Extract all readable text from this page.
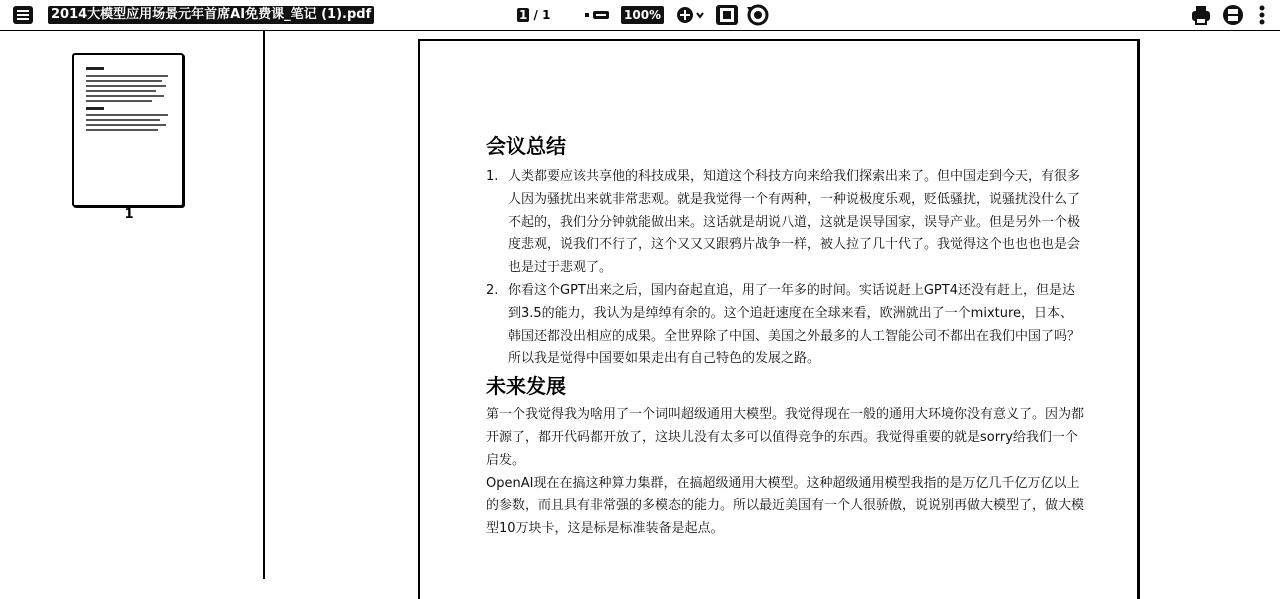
2014大模型应用场景元年首席AI免费课_笔记 (1).pdf	1 / 1	100%
1
会议总结
1. 人类都要应该共享他的科技成果，知道这个科技方向来给我们探索出来了。但中国走到今天，有很多人因为骚扰出来就非常悲观。就是我觉得一个有两种，一种说极度乐观，贬低骚扰，说骚扰没什么了不起的，我们分分钟就能做出来。这话就是胡说八道，这就是误导国家，误导产业。但是另外一个极度悲观，说我们不行了，这个又又又跟鸦片战争一样，被人拉了几十代了。我觉得这个也也也也是会也是过于悲观了。
2. 你看这个GPT出来之后，国内奋起直追，用了一年多的时间。实话说赶上GPT4还没有赶上，但是达到3.5的能力，我认为是绰绰有余的。这个追赶速度在全球来看，欧洲就出了一个mixture，日本、韩国还都没出相应的成果。全世界除了中国、美国之外最多的人工智能公司不都出在我们中国了吗？所以我是觉得中国要如果走出有自己特色的发展之路。
未来发展

第一个我觉得我为啥用了一个词叫超级通用大模型。我觉得现在一般的通用大环境你没有意义了。因为都开源了，都开代码都开放了，这块儿没有太多可以值得竞争的东西。我觉得重要的就是sorry给我们一个启发。

OpenAI现在在搞这种算力集群，在搞超级通用大模型。这种超级通用模型我指的是万亿几千亿万亿以上的参数，而且具有非常强的多模态的能力。所以最近美国有一个人很骄傲，说说别再做大模型了，做大模型10万块卡，这是标是标准装备是起点。
